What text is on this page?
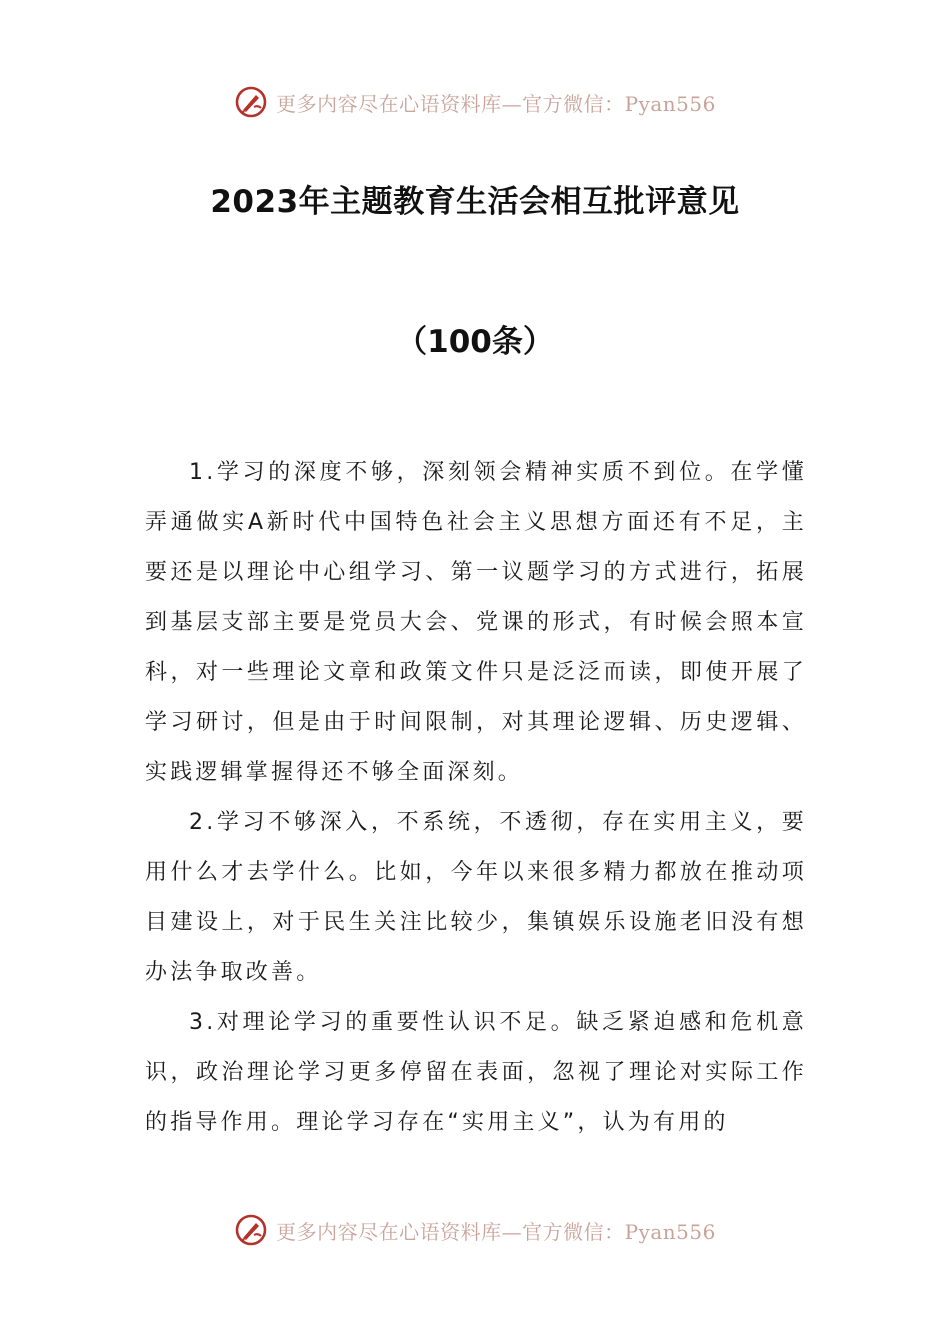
更多内容尽在心语资料库—官方微信：Pyan556
2023年主题教育生活会相互批评意见
（100条）

1.学习的深度不够，深刻领会精神实质不到位。在学懂弄通做实A新时代中国特色社会主义思想方面还有不足，主要还是以理论中心组学习、第一议题学习的方式进行，拓展到基层支部主要是党员大会、党课的形式，有时候会照本宣科，对一些理论文章和政策文件只是泛泛而读，即使开展了学习研讨，但是由于时间限制，对其理论逻辑、历史逻辑、实践逻辑掌握得还不够全面深刻。

2.学习不够深入，不系统，不透彻，存在实用主义，要用什么才去学什么。比如，今年以来很多精力都放在推动项目建设上，对于民生关注比较少，集镇娱乐设施老旧没有想办法争取改善。

3.对理论学习的重要性认识不足。缺乏紧迫感和危机意识，政治理论学习更多停留在表面，忽视了理论对实际工作的指导作用。理论学习存在“实用主义”，认为有用的

更多内容尽在心语资料库—官方微信：Pyan556
